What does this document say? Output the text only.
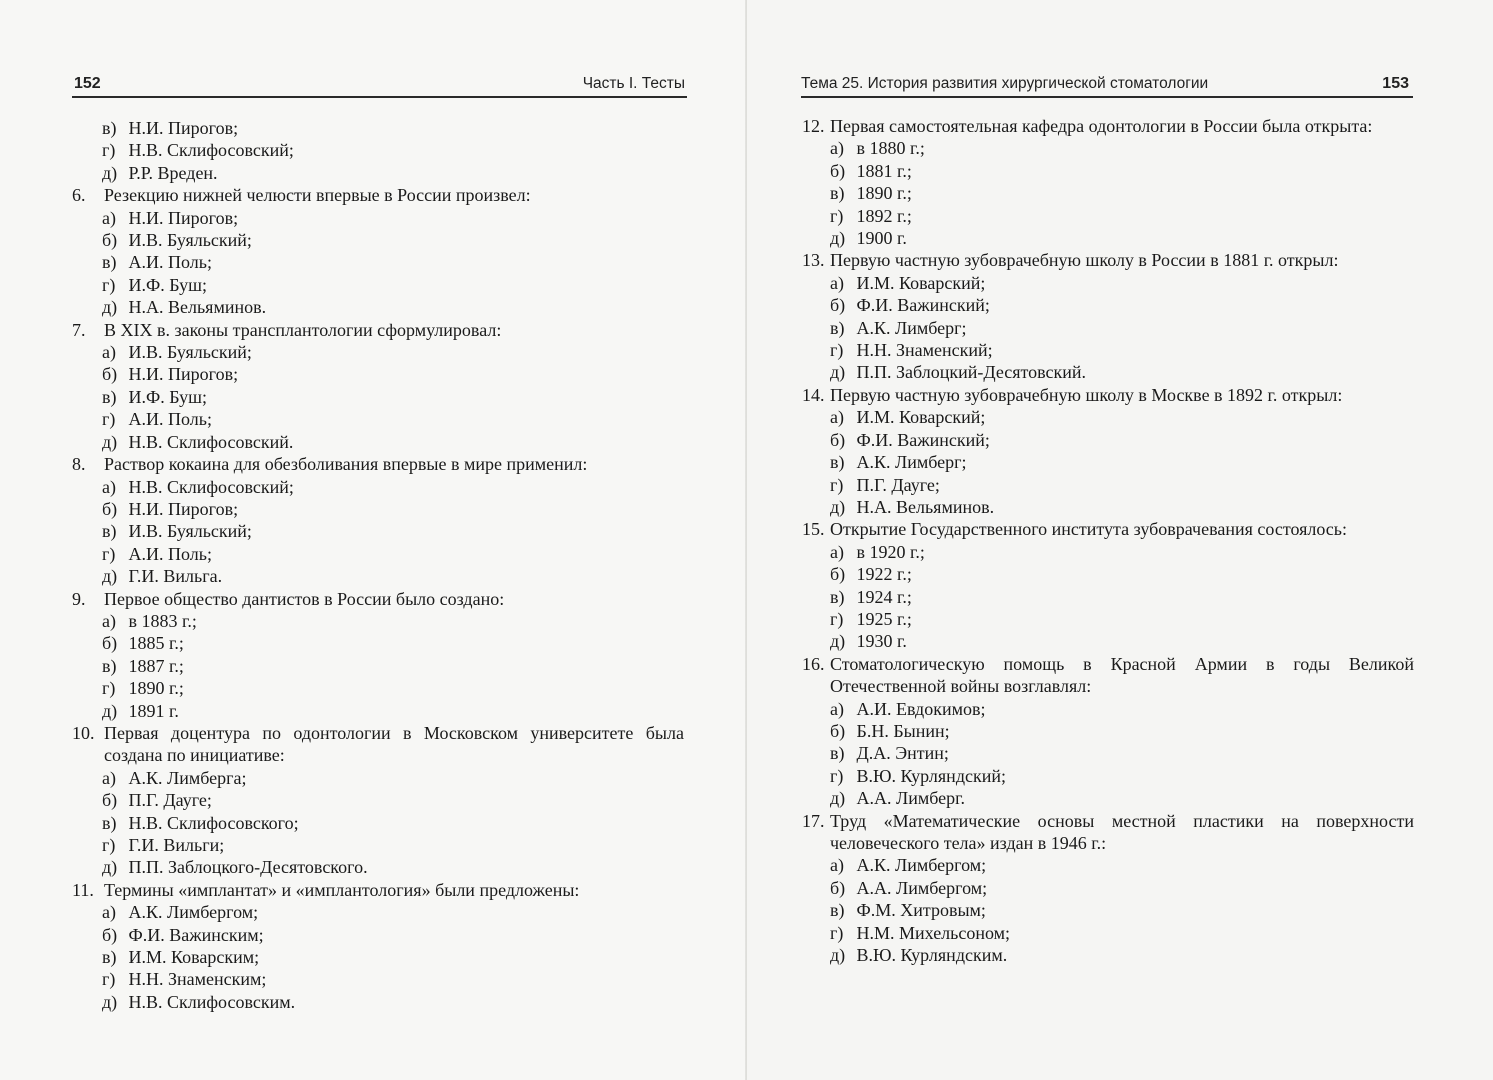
152	Часть I. Тесты
в) Н.И. Пирогов;
г) Н.В. Склифосовский;
д) Р.Р. Вреден.
6. Резекцию нижней челюсти впервые в России произвел:
а) Н.И. Пирогов;
б) И.В. Буяльский;
в) А.И. Поль;
г) И.Ф. Буш;
д) Н.А. Вельяминов.
7. В XIX в. законы трансплантологии сформулировал:
а) И.В. Буяльский;
б) Н.И. Пирогов;
в) И.Ф. Буш;
г) А.И. Поль;
д) Н.В. Склифосовский.
8. Раствор кокаина для обезболивания впервые в мире применил:
а) Н.В. Склифосовский;
б) Н.И. Пирогов;
в) И.В. Буяльский;
г) А.И. Поль;
д) Г.И. Вильга.
9. Первое общество дантистов в России было создано:
а) в 1883 г.;
б) 1885 г.;
в) 1887 г.;
г) 1890 г.;
д) 1891 г.
10. Первая доцентура по одонтологии в Московском университете была создана по инициативе:
а) А.К. Лимберга;
б) П.Г. Дауге;
в) Н.В. Склифосовского;
г) Г.И. Вильги;
д) П.П. Заблоцкого-Десятовского.
11. Термины «имплантат» и «имплантология» были предложены:
а) А.К. Лимбергом;
б) Ф.И. Важинским;
в) И.М. Коварским;
г) Н.Н. Знаменским;
д) Н.В. Склифосовским.
Тема 25. История развития хирургической стоматологии	153
12. Первая самостоятельная кафедра одонтологии в России была открыта:
а) в 1880 г.;
б) 1881 г.;
в) 1890 г.;
г) 1892 г.;
д) 1900 г.
13. Первую частную зубоврачебную школу в России в 1881 г. открыл:
а) И.М. Коварский;
б) Ф.И. Важинский;
в) А.К. Лимберг;
г) Н.Н. Знаменский;
д) П.П. Заблоцкий-Десятовский.
14. Первую частную зубоврачебную школу в Москве в 1892 г. открыл:
а) И.М. Коварский;
б) Ф.И. Важинский;
в) А.К. Лимберг;
г) П.Г. Дауге;
д) Н.А. Вельяминов.
15. Открытие Государственного института зубоврачевания состоялось:
а) в 1920 г.;
б) 1922 г.;
в) 1924 г.;
г) 1925 г.;
д) 1930 г.
16. Стоматологическую помощь в Красной Армии в годы Великой Отечественной войны возглавлял:
а) А.И. Евдокимов;
б) Б.Н. Бынин;
в) Д.А. Энтин;
г) В.Ю. Курляндский;
д) А.А. Лимберг.
17. Труд «Математические основы местной пластики на поверхности человеческого тела» издан в 1946 г.:
а) А.К. Лимбергом;
б) А.А. Лимбергом;
в) Ф.М. Хитровым;
г) Н.М. Михельсоном;
д) В.Ю. Курляндским.
